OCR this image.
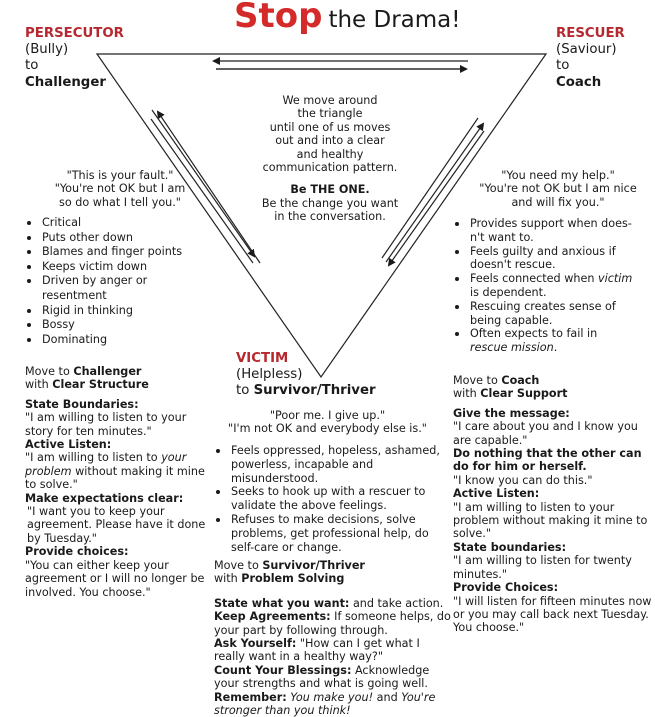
Stop the Drama!
PERSECUTOR
(Bully)
to
Challenger
RESCUER
(Saviour)
to
Coach
We move around
the triangle
until one of us moves
out and into a clear
and healthy
communication pattern.
Be THE ONE.
Be the change you want
in the conversation.
"This is your fault."
"You're not OK but I am
so do what I tell you."
Critical
Puts other down
Blames and finger points
Keeps victim down
Driven by anger or resentment
Rigid in thinking
Bossy
Dominating
"You need my help."
"You're not OK but I am nice
and will fix you."
Provides support when does-n't want to.
Feels guilty and anxious if doesn't rescue.
Feels connected when victim is dependent.
Rescuing creates sense of being capable.
Often expects to fail in rescue mission.
Move to Challenger
with Clear Structure
State Boundaries:
"I am willing to listen to your story for ten minutes."
Active Listen:
"I am willing to listen to your problem without making it mine to solve."
Make expectations clear:
"I want you to keep your agreement. Please have it done by Tuesday."
Provide choices:
"You can either keep your agreement or I will no longer be involved. You choose."
VICTIM
(Helpless)
to Survivor/Thriver
"Poor me. I give up."
"I'm not OK and everybody else is."
Feels oppressed, hopeless, ashamed, powerless, incapable and misunderstood.
Seeks to hook up with a rescuer to validate the above feelings.
Refuses to make decisions, solve problems, get professional help, do self-care or change.
Move to Survivor/Thriver
with Problem Solving
State what you want: and take action.
Keep Agreements: If someone helps, do your part by following through.
Ask Yourself: "How can I get what I really want in a healthy way?"
Count Your Blessings: Acknowledge your strengths and what is going well.
Remember: You make you! and You're stronger than you think!
Move to Coach
with Clear Support
Give the message:
"I care about you and I know you are capable."
Do nothing that the other can do for him or herself.
"I know you can do this."
Active Listen:
"I am willing to listen to your problem without making it mine to solve."
State boundaries:
"I am willing to listen for twenty minutes."
Provide Choices:
"I will listen for fifteen minutes now or you may call back next Tuesday. You choose."
